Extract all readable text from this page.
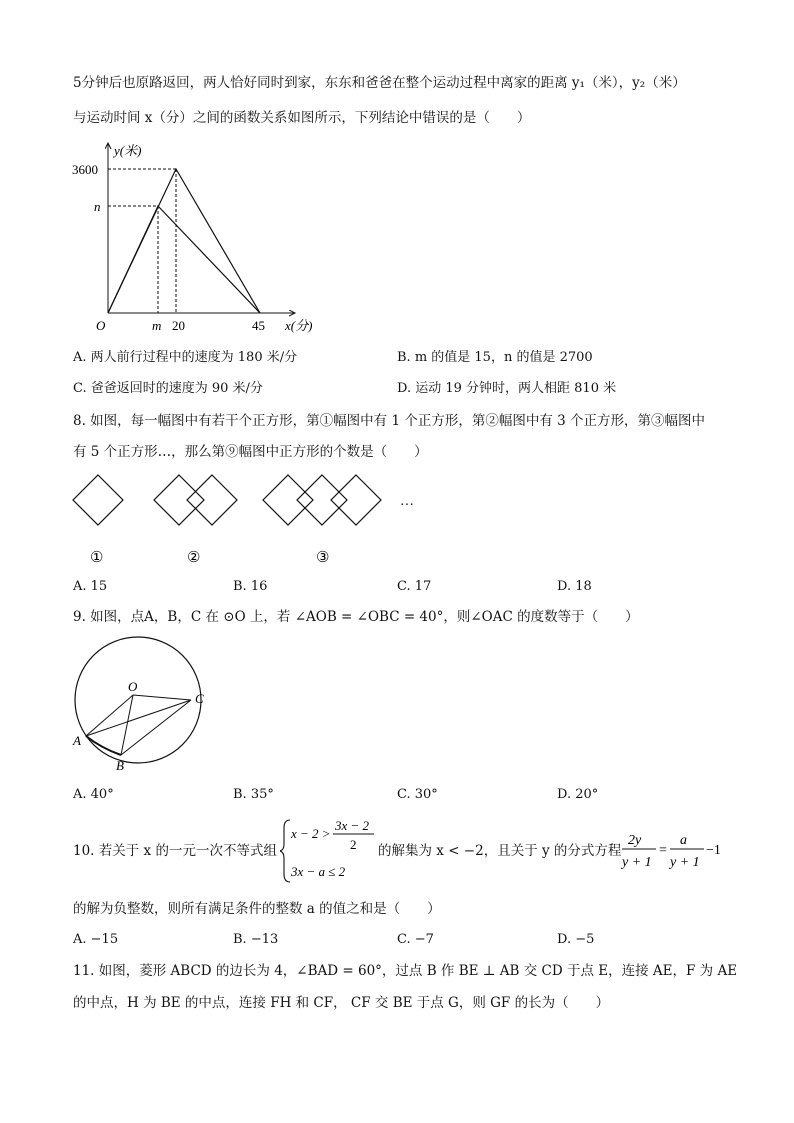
5分钟后也原路返回，两人恰好同时到家，东东和爸爸在整个运动过程中离家的距离 y₁（米），y₂（米）
与运动时间 x（分）之间的函数关系如图所示，下列结论中错误的是（　　）
y(米)
3600
n
O	m 20	45 x(分)
A. 两人前行过程中的速度为 180 米/分	B. m 的值是 15，n 的值是 2700
C. 爸爸返回时的速度为 90 米/分	D. 运动 19 分钟时，两人相距 810 米
8. 如图，每一幅图中有若干个正方形，第①幅图中有 1 个正方形，第②幅图中有 3 个正方形，第③幅图中
有 5 个正方形…，那么第⑨幅图中正方形的个数是（　　）
…
①	②	③
A. 15	B. 16	C. 17	D. 18
9. 如图，点A，B，C 在 ⊙O 上，若 ∠AOB = ∠OBC = 40°，则∠OAC 的度数等于（　　）
O
C
A
B
A. 40°	B. 35°	C. 30°	D. 20°
10. 若关于 x 的一元一次不等式组
x − 2 >
3x − 2
2
3x − a ≤ 2
的解集为 x < −2，且关于 y 的分式方程
2y
y + 1
=
a
y + 1
−1
的解为负整数，则所有满足条件的整数 a 的值之和是（　　）
A. −15	B. −13	C. −7	D. −5
11. 如图，菱形 ABCD 的边长为 4，∠BAD = 60°，过点 B 作 BE ⊥ AB 交 CD 于点 E，连接 AE，F 为 AE
的中点，H 为 BE 的中点，连接 FH 和 CF， CF 交 BE 于点 G，则 GF 的长为（　　）
